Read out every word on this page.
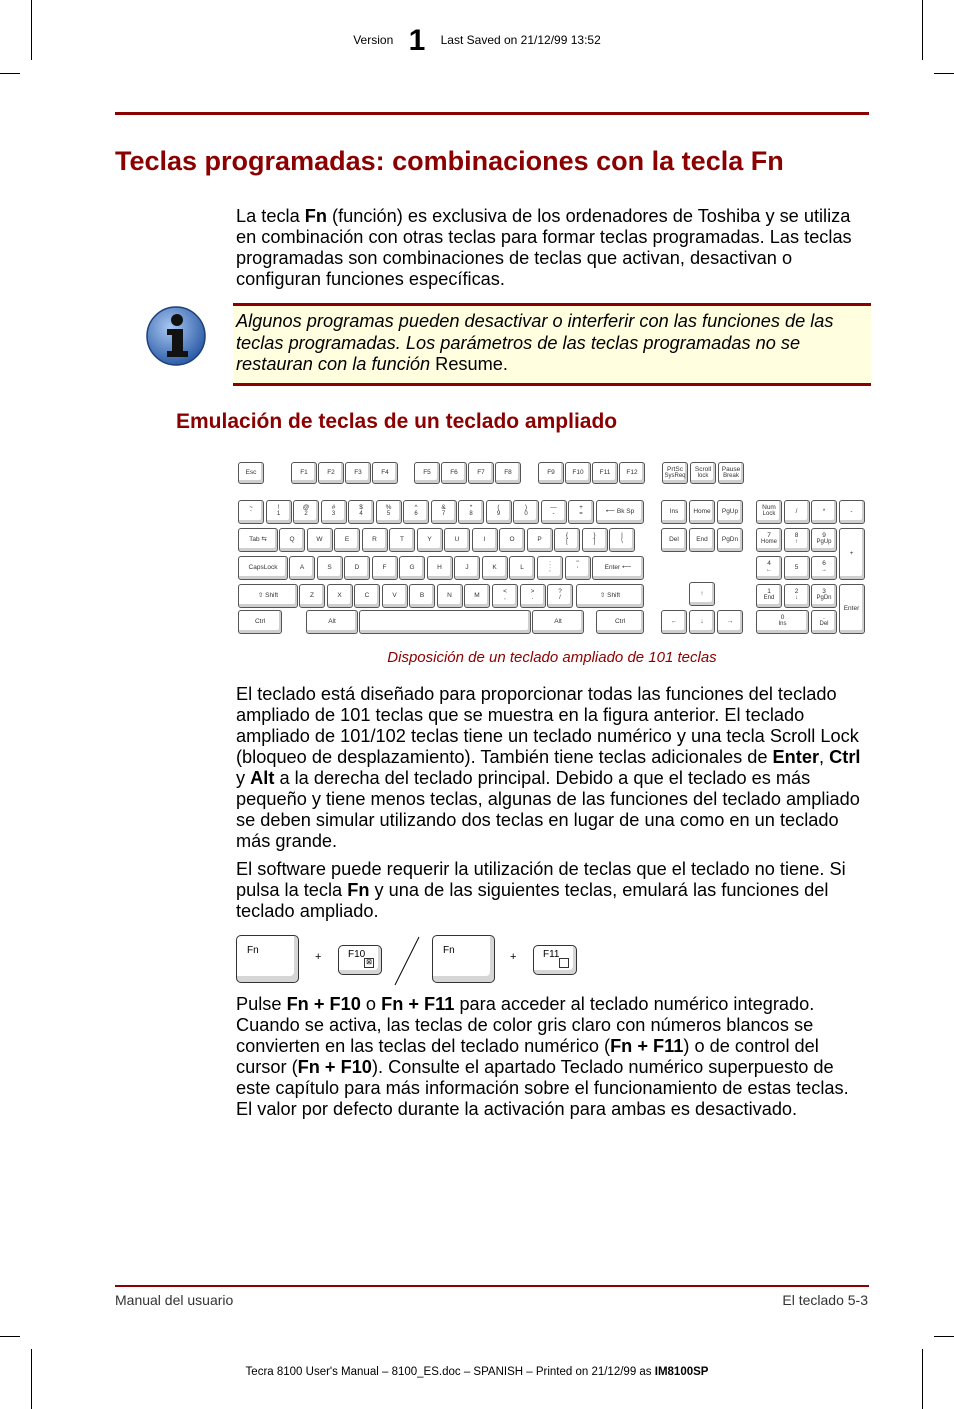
Version 1 Last Saved on 21/12/99 13:52
Teclas programadas: combinaciones con la tecla Fn

La tecla Fn (función) es exclusiva de los ordenadores de Toshiba y se utiliza en combinación con otras teclas para formar teclas programadas. Las teclas programadas son combinaciones de teclas que activan, desactivan o configuran funciones específicas.

Algunos programas pueden desactivar o interferir con las funciones de las teclas programadas. Los parámetros de las teclas programadas no se restauran con la función Resume.
Emulación de teclas de un teclado ampliado
Esc	F1	F2	F3	F4	F5	F6	F7	F8	F9	F10	F11	F12	PrtSc
SysReq
Scroll
lock
Pause
Break
~
`
!
1
@
2
#
3
$
4
%
5
^
6
&
7
*
8
(
9
)
0
—
-
+
=	⟵ Bk Sp
Tab ⇆	Q	W	E	R	T	Y	U	I	O	P
{
[
}
]
|
\
CapsLock	A	S	D	F	G	H	J	K	L
:
;
"
'	Enter ⟵
⇧ Shift	Z	X	C	V	B	N	M
<
,
>
.
?
/	⇧ Shift
Ctrl	Alt	Alt	Ctrl
Ins	Home	PgUp
Del	End	PgDn
↑
←	↓	→
Num
Lock	/	*	-
7
Home
8
↑
9
PgUp
+
4
←	5
6
→
1
End
2
↓
3
PgDn
Enter
0
Ins
.
Del
Disposición de un teclado ampliado de 101 teclas

El teclado está diseñado para proporcionar todas las funciones del teclado ampliado de 101 teclas que se muestra en la figura anterior. El teclado ampliado de 101/102 teclas tiene un teclado numérico y una tecla Scroll Lock (bloqueo de desplazamiento). También tiene teclas adicionales de Enter, Ctrl y Alt a la derecha del teclado principal. Debido a que el teclado es más pequeño y tiene menos teclas, algunas de las funciones del teclado ampliado se deben simular utilizando dos teclas en lugar de una como en un teclado más grande.

El software puede requerir la utilización de teclas que el teclado no tiene. Si pulsa la tecla Fn y una de las siguientes teclas, emulará las funciones del teclado ampliado.

Fn
+	F10
⊠
Fn
+	F11

Pulse Fn + F10 o Fn + F11 para acceder al teclado numérico integrado. Cuando se activa, las teclas de color gris claro con números blancos se convierten en las teclas del teclado numérico (Fn + F11) o de control del cursor (Fn + F10). Consulte el apartado Teclado numérico superpuesto de este capítulo para más información sobre el funcionamiento de estas teclas. El valor por defecto durante la activación para ambas es desactivado.

Manual del usuario	El teclado 5-3
Tecra 8100 User's Manual – 8100_ES.doc – SPANISH – Printed on 21/12/99 as IM8100SP
